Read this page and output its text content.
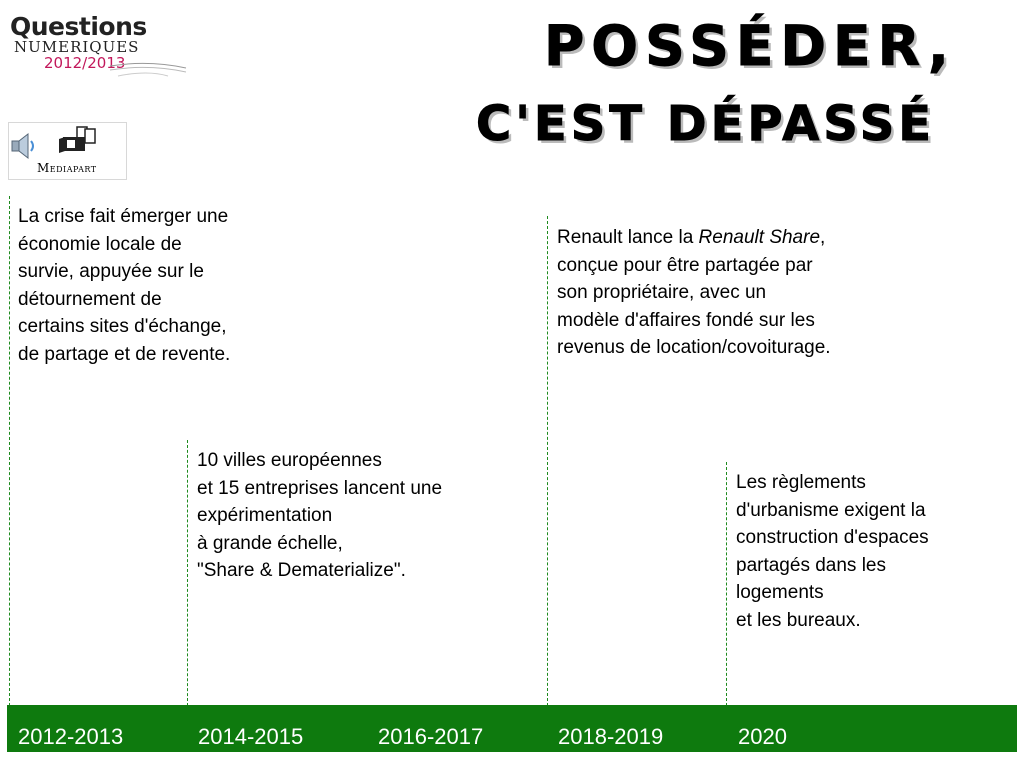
Questions
NUMERIQUES
2012/2013
Mediapart
POSSÉDER,
C'EST DÉPASSÉ
La crise fait émerger une
économie locale de
survie, appuyée sur le
détournement de
certains sites d'échange,
de partage et de revente.
10 villes européennes
et 15 entreprises lancent une
expérimentation
à grande échelle,
"Share & Dematerialize".
Renault lance la Renault Share,
conçue pour être partagée par
son propriétaire, avec un
modèle d'affaires fondé sur les
revenus de location/covoiturage.
Les règlements
d'urbanisme exigent la
construction d'espaces
partagés dans les
logements
et les bureaux.
2012-2013	2014-2015	2016-2017	2018-2019	2020
